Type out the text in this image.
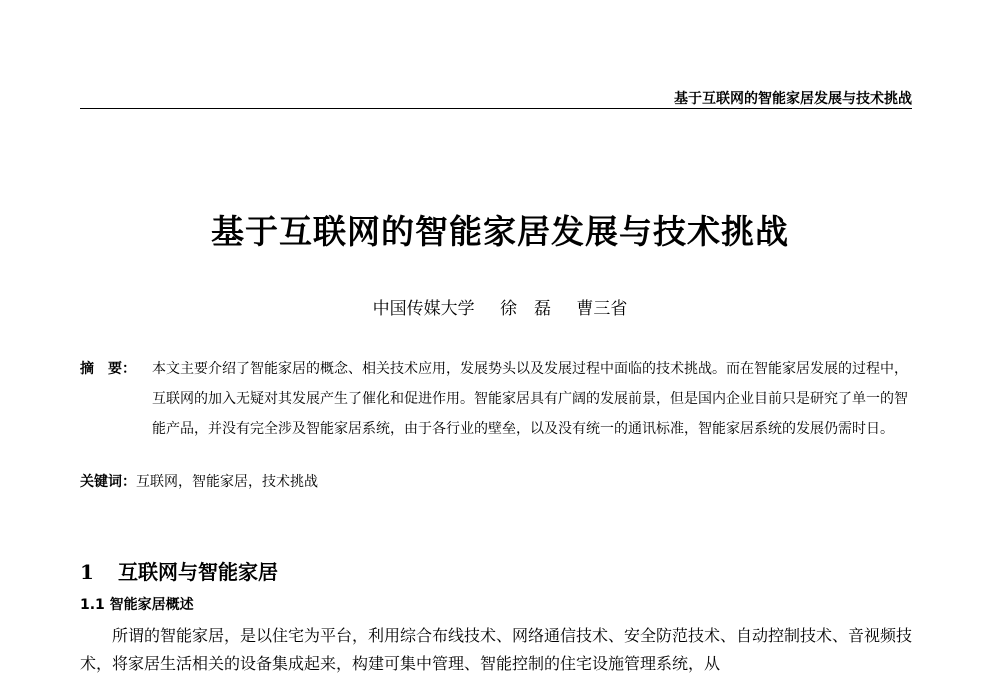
基于互联网的智能家居发展与技术挑战
基于互联网的智能家居发展与技术挑战
中国传媒大学 徐　磊 曹三省
摘　要：	本文主要介绍了智能家居的概念、相关技术应用，发展势头以及发展过程中面临的技术挑战。而在智能家居发展的过程中，互联网的加入无疑对其发展产生了催化和促进作用。智能家居具有广阔的发展前景，但是国内企业目前只是研究了单一的智能产品，并没有完全涉及智能家居系统，由于各行业的壁垒，以及没有统一的通讯标准，智能家居系统的发展仍需时日。
关键词：互联网，智能家居，技术挑战
1 互联网与智能家居
1.1 智能家居概述
所谓的智能家居，是以住宅为平台，利用综合布线技术、网络通信技术、安全防范技术、自动控制技术、音视频技术，将家居生活相关的设备集成起来，构建可集中管理、智能控制的住宅设施管理系统，从
